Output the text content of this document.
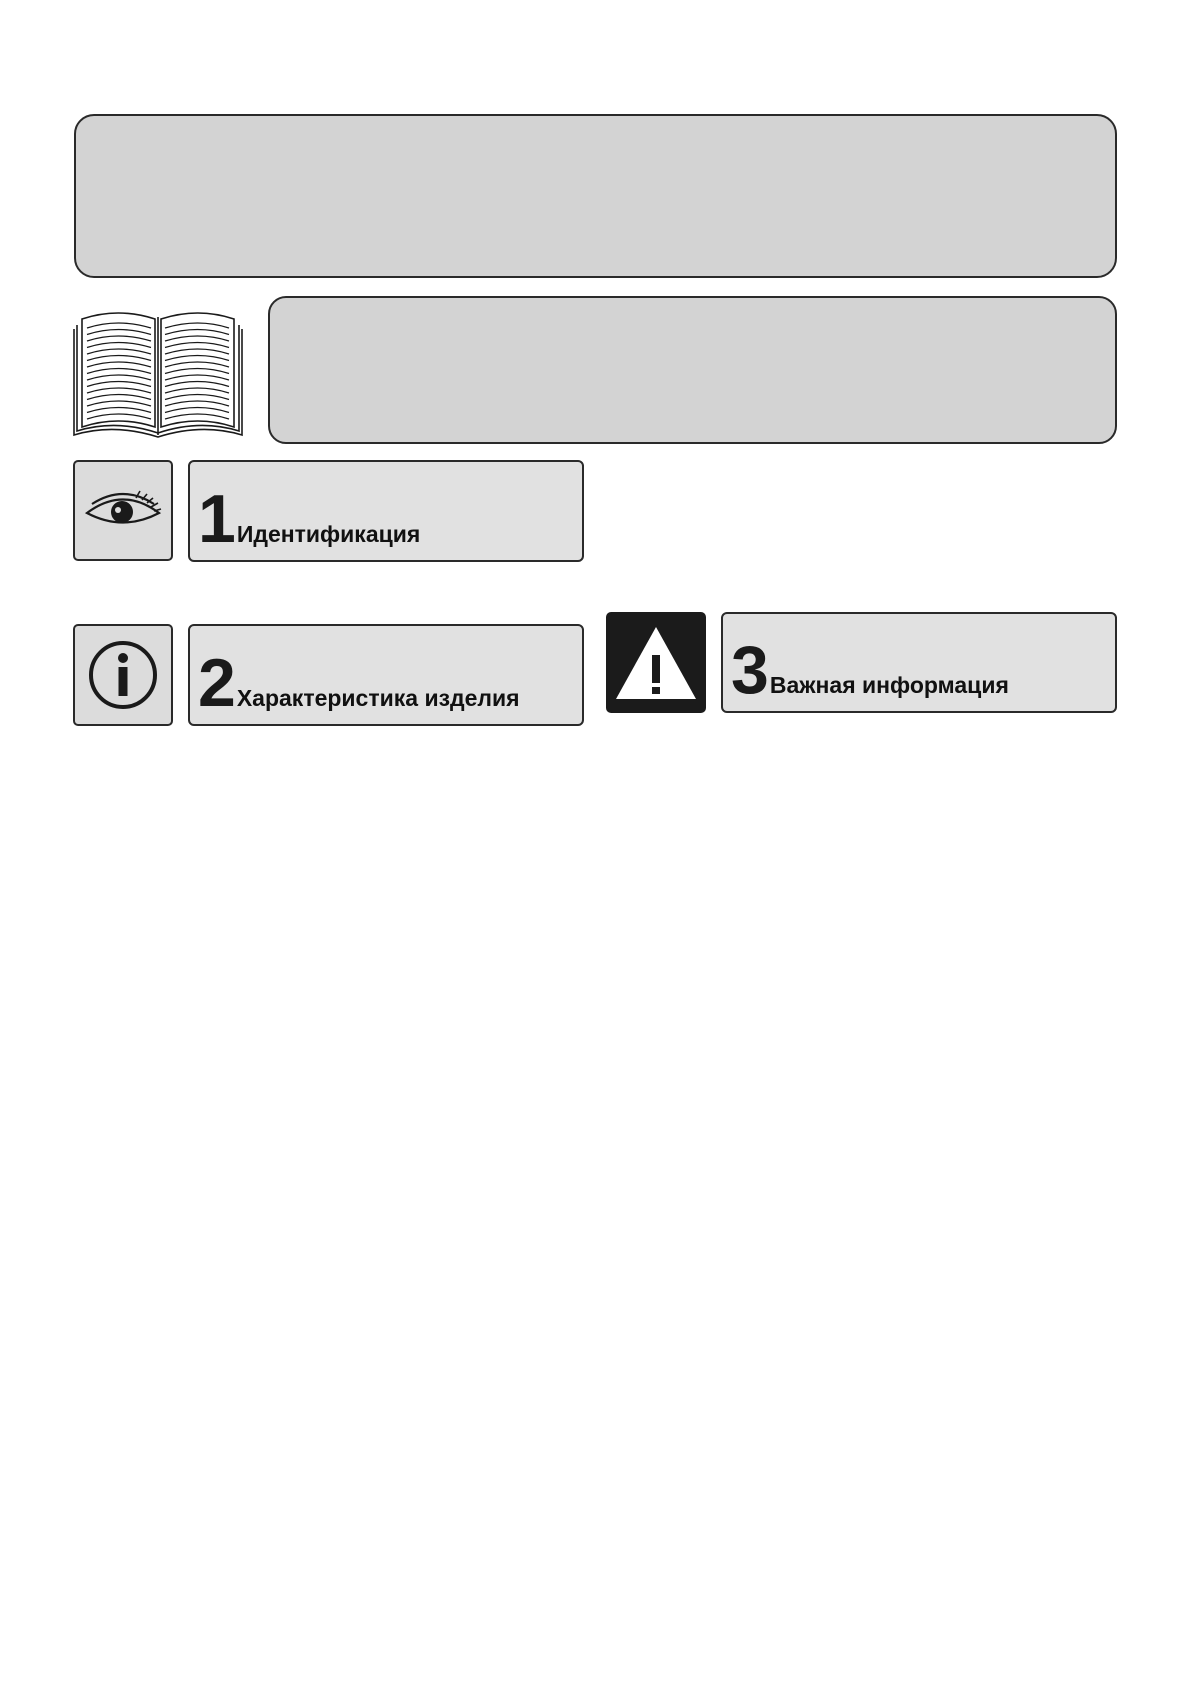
1 Идентификация
2 Характеристика изделия	3 Важная информация
